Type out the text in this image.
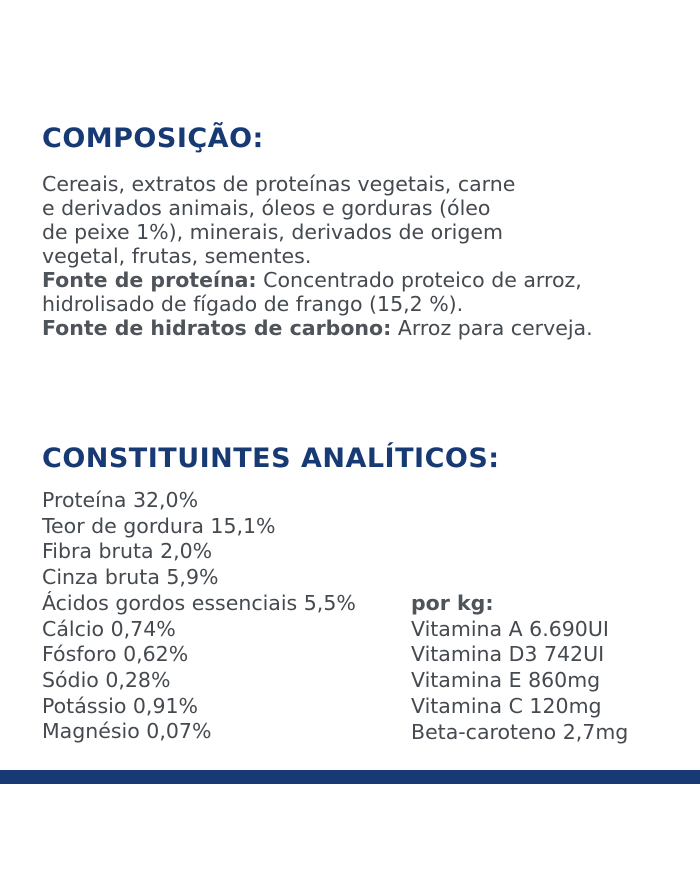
COMPOSIÇÃO:
Cereais, extratos de proteínas vegetais, carne
e derivados animais, óleos e gorduras (óleo
de peixe 1%), minerais, derivados de origem
vegetal, frutas, sementes.
Fonte de proteína: Concentrado proteico de arroz,
hidrolisado de fígado de frango (15,2 %).
Fonte de hidratos de carbono: Arroz para cerveja.
CONSTITUINTES ANALÍTICOS:
Proteína 32,0%
Teor de gordura 15,1%
Fibra bruta 2,0%
Cinza bruta 5,9%
Ácidos gordos essenciais 5,5%
Cálcio 0,74%
Fósforo 0,62%
Sódio 0,28%
Potássio 0,91%
Magnésio 0,07%
por kg:
Vitamina A 6.690UI
Vitamina D3 742UI
Vitamina E 860mg
Vitamina C 120mg
Beta-caroteno 2,7mg
